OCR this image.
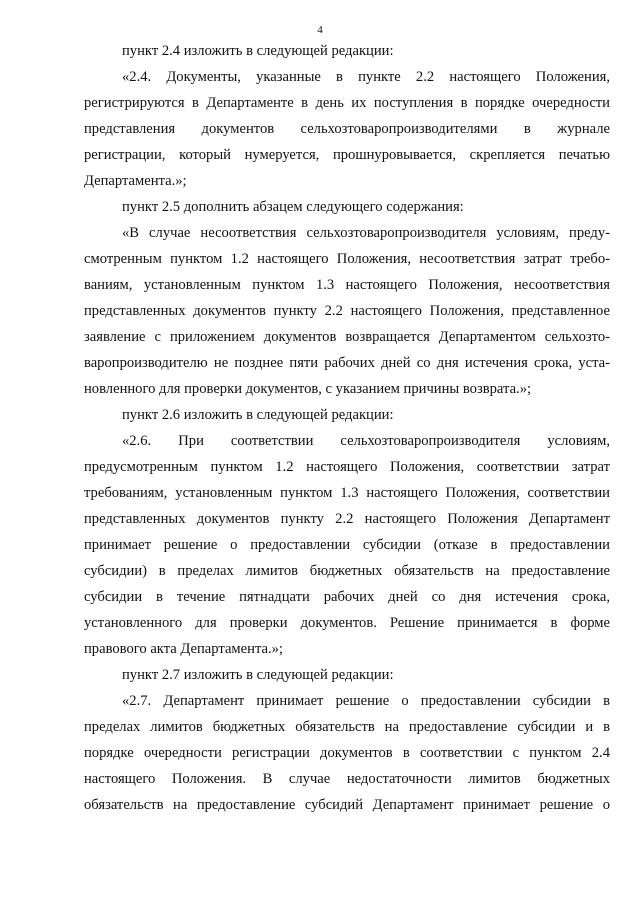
4
пункт 2.4 изложить в следующей редакции:
«2.4. Документы, указанные в пункте 2.2 настоящего Положения,
регистрируются в Департаменте в день их поступления в порядке очередности
представления документов сельхозтоваропроизводителями в журнале
регистрации, который нумеруется, прошнуровывается, скрепляется печатью
Департамента.»;
пункт 2.5 дополнить абзацем следующего содержания:
«В случае несоответствия сельхозтоваропроизводителя условиям, преду-
смотренным пунктом 1.2 настоящего Положения, несоответствия затрат требо-
ваниям, установленным пунктом 1.3 настоящего Положения, несоответствия
представленных документов пункту 2.2 настоящего Положения, представленное
заявление с приложением документов возвращается Департаментом сельхозто-
варопроизводителю не позднее пяти рабочих дней со дня истечения срока, уста-
новленного для проверки документов, с указанием причины возврата.»;
пункт 2.6 изложить в следующей редакции:
«2.6. При соответствии сельхозтоваропроизводителя условиям,
предусмотренным пунктом 1.2 настоящего Положения, соответствии затрат
требованиям, установленным пунктом 1.3 настоящего Положения, соответствии
представленных документов пункту 2.2 настоящего Положения Департамент
принимает решение о предоставлении субсидии (отказе в предоставлении
субсидии) в пределах лимитов бюджетных обязательств на предоставление
субсидии в течение пятнадцати рабочих дней со дня истечения срока,
установленного для проверки документов. Решение принимается в форме
правового акта Департамента.»;
пункт 2.7 изложить в следующей редакции:
«2.7. Департамент принимает решение о предоставлении субсидии в
пределах лимитов бюджетных обязательств на предоставление субсидии и в
порядке очередности регистрации документов в соответствии с пунктом 2.4
настоящего Положения. В случае недостаточности лимитов бюджетных
обязательств на предоставление субсидий Департамент принимает решение о
